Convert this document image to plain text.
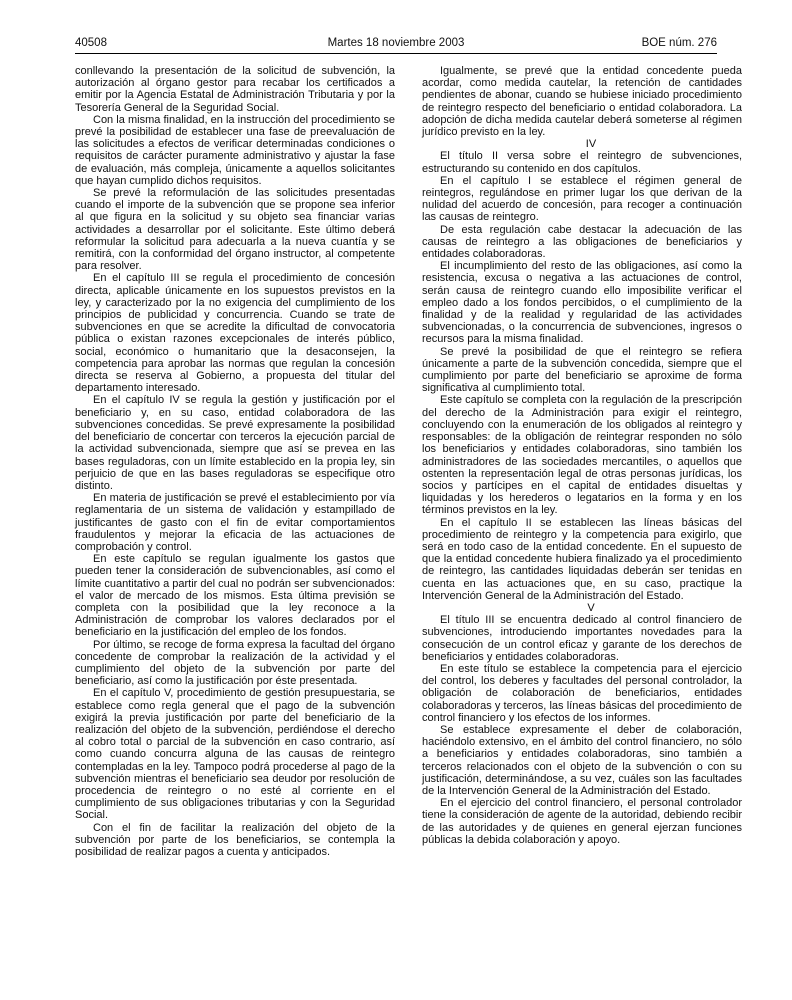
40508	Martes 18 noviembre 2003	BOE núm. 276

conllevando la presentación de la solicitud de subvención, la autorización al órgano gestor para recabar los certificados a emitir por la Agencia Estatal de Administración Tributaria y por la Tesorería General de la Seguridad Social.

Con la misma finalidad, en la instrucción del procedimiento se prevé la posibilidad de establecer una fase de preevaluación de las solicitudes a efectos de verificar determinadas condiciones o requisitos de carácter puramente administrativo y ajustar la fase de evaluación, más compleja, únicamente a aquellos solicitantes que hayan cumplido dichos requisitos.

Se prevé la reformulación de las solicitudes presentadas cuando el importe de la subvención que se propone sea inferior al que figura en la solicitud y su objeto sea financiar varias actividades a desarrollar por el solicitante. Este último deberá reformular la solicitud para adecuarla a la nueva cuantía y se remitirá, con la conformidad del órgano instructor, al competente para resolver.

En el capítulo III se regula el procedimiento de concesión directa, aplicable únicamente en los supuestos previstos en la ley, y caracterizado por la no exigencia del cumplimiento de los principios de publicidad y concurrencia. Cuando se trate de subvenciones en que se acredite la dificultad de convocatoria pública o existan razones excepcionales de interés público, social, económico o humanitario que la desaconsejen, la competencia para aprobar las normas que regulan la concesión directa se reserva al Gobierno, a propuesta del titular del departamento interesado.

En el capítulo IV se regula la gestión y justificación por el beneficiario y, en su caso, entidad colaboradora de las subvenciones concedidas. Se prevé expresamente la posibilidad del beneficiario de concertar con terceros la ejecución parcial de la actividad subvencionada, siempre que así se prevea en las bases reguladoras, con un límite establecido en la propia ley, sin perjuicio de que en las bases reguladoras se especifique otro distinto.

En materia de justificación se prevé el establecimiento por vía reglamentaria de un sistema de validación y estampillado de justificantes de gasto con el fin de evitar comportamientos fraudulentos y mejorar la eficacia de las actuaciones de comprobación y control.

En este capítulo se regulan igualmente los gastos que pueden tener la consideración de subvencionables, así como el límite cuantitativo a partir del cual no podrán ser subvencionados: el valor de mercado de los mismos. Esta última previsión se completa con la posibilidad que la ley reconoce a la Administración de comprobar los valores declarados por el beneficiario en la justificación del empleo de los fondos.

Por último, se recoge de forma expresa la facultad del órgano concedente de comprobar la realización de la actividad y el cumplimiento del objeto de la subvención por parte del beneficiario, así como la justificación por éste presentada.

En el capítulo V, procedimiento de gestión presupuestaria, se establece como regla general que el pago de la subvención exigirá la previa justificación por parte del beneficiario de la realización del objeto de la subvención, perdiéndose el derecho al cobro total o parcial de la subvención en caso contrario, así como cuando concurra alguna de las causas de reintegro contempladas en la ley. Tampoco podrá procederse al pago de la subvención mientras el beneficiario sea deudor por resolución de procedencia de reintegro o no esté al corriente en el cumplimiento de sus obligaciones tributarias y con la Seguridad Social.

Con el fin de facilitar la realización del objeto de la subvención por parte de los beneficiarios, se contempla la posibilidad de realizar pagos a cuenta y anticipados.

Igualmente, se prevé que la entidad concedente pueda acordar, como medida cautelar, la retención de cantidades pendientes de abonar, cuando se hubiese iniciado procedimiento de reintegro respecto del beneficiario o entidad colaboradora. La adopción de dicha medida cautelar deberá someterse al régimen jurídico previsto en la ley.

IV

El título II versa sobre el reintegro de subvenciones, estructurando su contenido en dos capítulos.

En el capítulo I se establece el régimen general de reintegros, regulándose en primer lugar los que derivan de la nulidad del acuerdo de concesión, para recoger a continuación las causas de reintegro.

De esta regulación cabe destacar la adecuación de las causas de reintegro a las obligaciones de beneficiarios y entidades colaboradoras.

El incumplimiento del resto de las obligaciones, así como la resistencia, excusa o negativa a las actuaciones de control, serán causa de reintegro cuando ello imposibilite verificar el empleo dado a los fondos percibidos, o el cumplimiento de la finalidad y de la realidad y regularidad de las actividades subvencionadas, o la concurrencia de subvenciones, ingresos o recursos para la misma finalidad.

Se prevé la posibilidad de que el reintegro se refiera únicamente a parte de la subvención concedida, siempre que el cumplimiento por parte del beneficiario se aproxime de forma significativa al cumplimiento total.

Este capítulo se completa con la regulación de la prescripción del derecho de la Administración para exigir el reintegro, concluyendo con la enumeración de los obligados al reintegro y responsables: de la obligación de reintegrar responden no sólo los beneficiarios y entidades colaboradoras, sino también los administradores de las sociedades mercantiles, o aquellos que ostenten la representación legal de otras personas jurídicas, los socios y partícipes en el capital de entidades disueltas y liquidadas y los herederos o legatarios en la forma y en los términos previstos en la ley.

En el capítulo II se establecen las líneas básicas del procedimiento de reintegro y la competencia para exigirlo, que será en todo caso de la entidad concedente. En el supuesto de que la entidad concedente hubiera finalizado ya el procedimiento de reintegro, las cantidades liquidadas deberán ser tenidas en cuenta en las actuaciones que, en su caso, practique la Intervención General de la Administración del Estado.

V

El título III se encuentra dedicado al control financiero de subvenciones, introduciendo importantes novedades para la consecución de un control eficaz y garante de los derechos de beneficiarios y entidades colaboradoras.

En este título se establece la competencia para el ejercicio del control, los deberes y facultades del personal controlador, la obligación de colaboración de beneficiarios, entidades colaboradoras y terceros, las líneas básicas del procedimiento de control financiero y los efectos de los informes.

Se establece expresamente el deber de colaboración, haciéndolo extensivo, en el ámbito del control financiero, no sólo a beneficiarios y entidades colaboradoras, sino también a terceros relacionados con el objeto de la subvención o con su justificación, determinándose, a su vez, cuáles son las facultades de la Intervención General de la Administración del Estado.

En el ejercicio del control financiero, el personal controlador tiene la consideración de agente de la autoridad, debiendo recibir de las autoridades y de quienes en general ejerzan funciones públicas la debida colaboración y apoyo.
